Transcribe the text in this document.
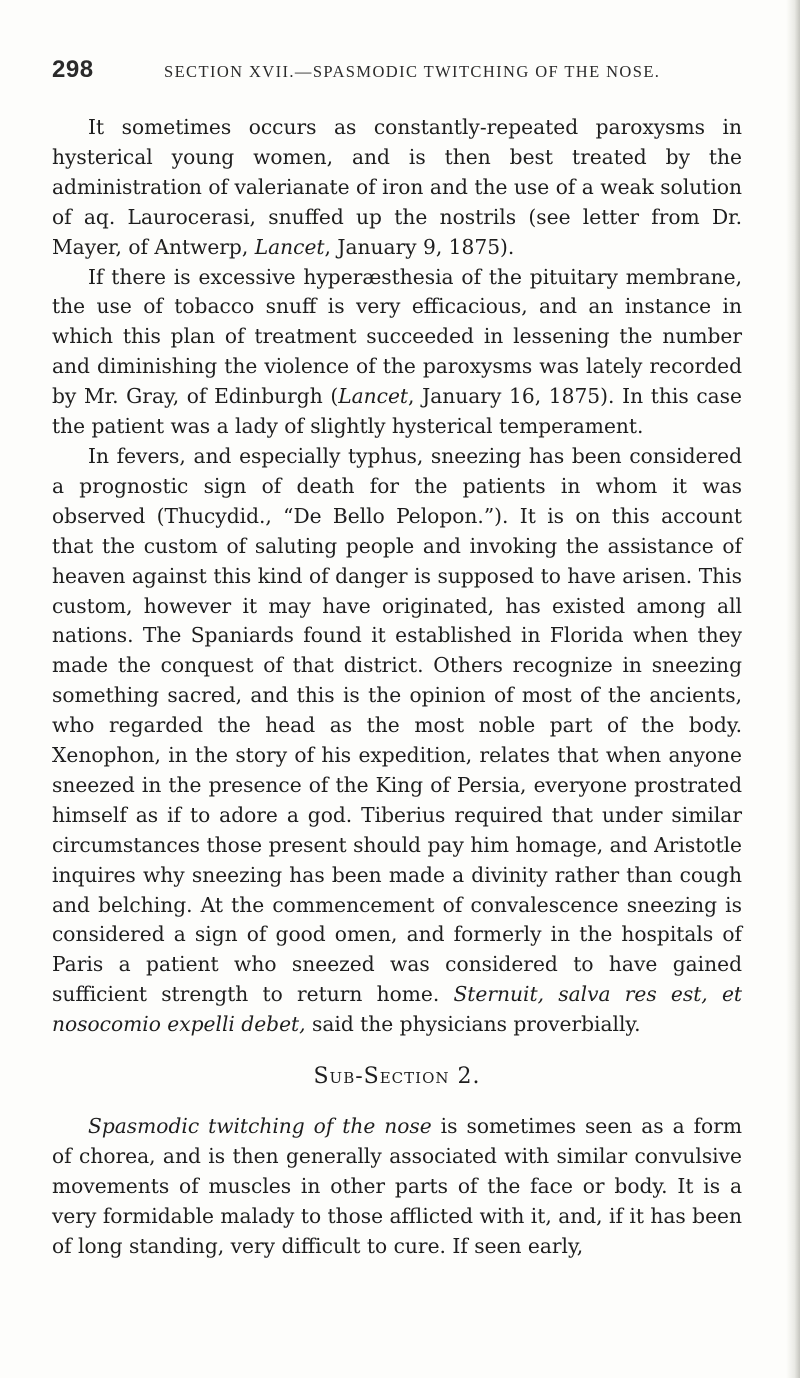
298	SECTION XVII.—SPASMODIC TWITCHING OF THE NOSE.

It sometimes occurs as constantly-repeated paroxysms in hysterical young women, and is then best treated by the administration of valerianate of iron and the use of a weak solution of aq. Laurocerasi, snuffed up the nostrils (see letter from Dr. Mayer, of Antwerp, Lancet, January 9, 1875).

If there is excessive hyperæsthesia of the pituitary membrane, the use of tobacco snuff is very efficacious, and an instance in which this plan of treatment succeeded in lessening the number and diminishing the violence of the paroxysms was lately recorded by Mr. Gray, of Edinburgh (Lancet, January 16, 1875). In this case the patient was a lady of slightly hysterical temperament.

In fevers, and especially typhus, sneezing has been considered a prognostic sign of death for the patients in whom it was observed (Thucydid., “De Bello Pelopon.”). It is on this account that the custom of saluting people and invoking the assistance of heaven against this kind of danger is supposed to have arisen. This custom, however it may have originated, has existed among all nations. The Spaniards found it established in Florida when they made the conquest of that district. Others recognize in sneezing something sacred, and this is the opinion of most of the ancients, who regarded the head as the most noble part of the body. Xenophon, in the story of his expedition, relates that when anyone sneezed in the presence of the King of Persia, everyone prostrated himself as if to adore a god. Tiberius required that under similar circumstances those present should pay him homage, and Aristotle inquires why sneezing has been made a divinity rather than cough and belching. At the commencement of convalescence sneezing is considered a sign of good omen, and formerly in the hospitals of Paris a patient who sneezed was considered to have gained sufficient strength to return home. Sternuit, salva res est, et nosocomio expelli debet, said the physicians proverbially.

Sub-Section 2.

Spasmodic twitching of the nose is sometimes seen as a form of chorea, and is then generally associated with similar convulsive movements of muscles in other parts of the face or body. It is a very formidable malady to those afflicted with it, and, if it has been of long standing, very difficult to cure. If seen early,
